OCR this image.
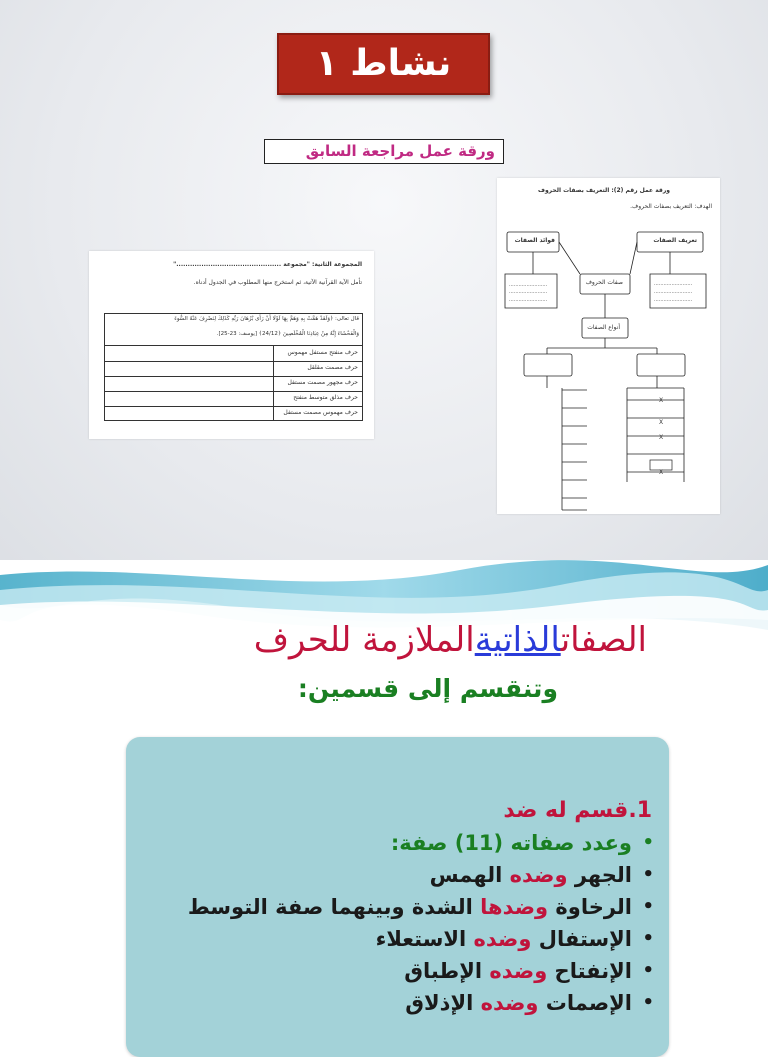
نشاط ١
ورقة عمل مراجعة السابق
المجموعة الثانية: "مجموعة .............................................."
تأمل الآية القرآنية الآتية، ثم استخرج منها المطلوب في الجدول أدناه.
قال تعالى: ﴿وَلَقَدْ هَمَّتْ بِهِ وَهَمَّ بِهَا لَوْلَا أَنْ رَأَى بُرْهَانَ رَبِّهِ كَذَلِكَ لِنَصْرِفَ عَنْهُ السُّوءَ
وَالْفَحْشَاءَ إِنَّهُ مِنْ عِبَادِنَا الْمُخْلَصِينَ ﴿24/12﴾ [يوسف: 23-25].
حرف منفتح مستفل مهموس
حرف مصمت مقلقل
حرف مجهور مصمت مستفل
حرف مذلق متوسط منفتح
حرف مهموس مصمت مستفل
ورقة عمل رقم (2): التعريف بصفات الحروف
الهدف: التعريف بصفات الحروف.
فوائد الصفات	تعريف الصفات
صفات الحروف
أنواع الصفات
........................
........................
........................
........................
........................
........................
X
X
X
X
الصفاتالذاتيةالملازمة للحرف
وتنقسم إلى قسمين:
1.قسم له ضد
• وعدد صفاته (11) صفة:
• الجهر وضده الهمس
• الرخاوة وضدها الشدة وبينهما صفة التوسط
• الإستفال وضده الاستعلاء
• الإنفتاح وضده الإطباق
• الإصمات وضده الإذلاق
